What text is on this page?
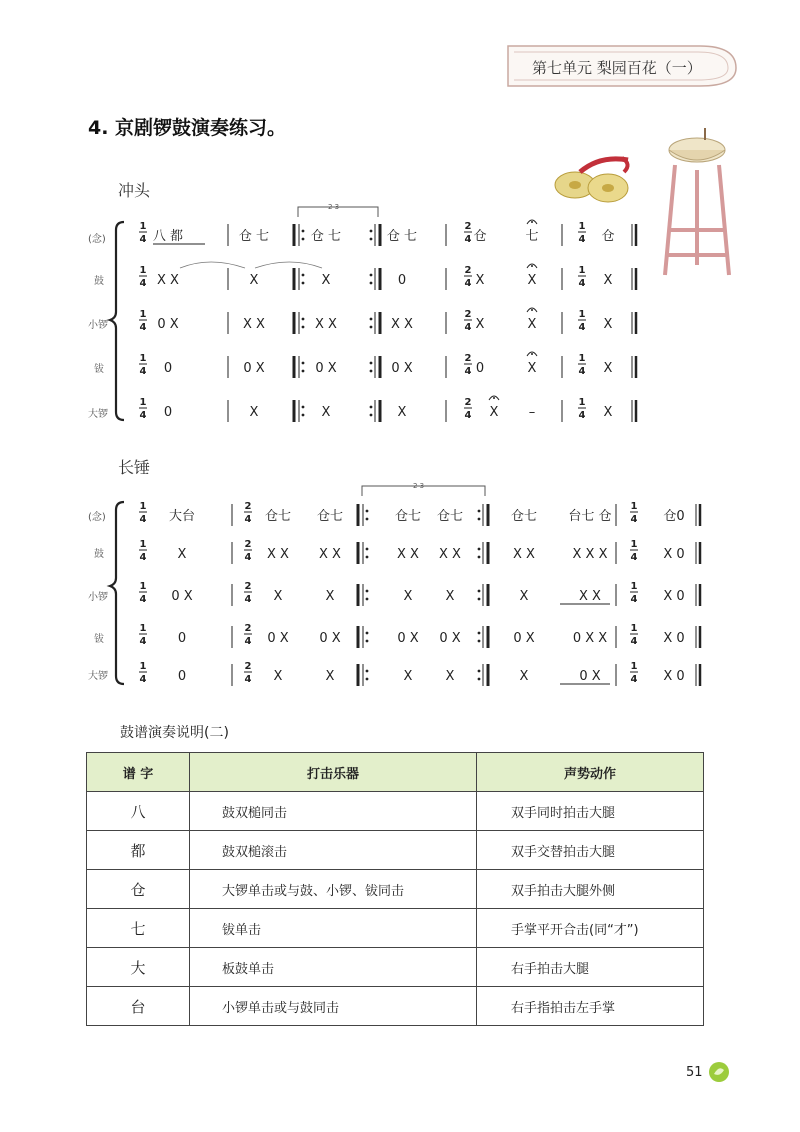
第七单元 梨园百花（一）
4. 京剧锣鼓演奏练习。
冲头
2 3
(念)
鼓
小锣
钹
大锣
1
4
2
4
1
4
八 都	仓 七	仓 七	仓 七	仓	七	仓
1
4
2
4
1
4
X X	X	X	0	X	X	X
1
4
2
4
1
4
0 X	X X	X X	X X	X	X	X
1
4
2
4
1
4
0	0 X	0 X	0 X	0	X	X
1
4
2
4
1
4
0	X	X	X	X –	X
长锤
2 3
(念)
鼓
小锣
钹
大锣
1
4
2
4
1
4
大台	仓七 仓七	仓七 仓七	仓七 台七 仓	仓0
1
4
2
4
1
4
X	X X X X	X X X X	X X	X X X	X 0
1
4
2
4
1
4
0 X	X	X	X	X	X	X X	X 0
1
4
2
4
1
4
0	0 X 0 X	0 X 0 X	0 X	0 X X	X 0
1
4
2
4
1
4
0	X	X	X	X	X	0 X	X 0
鼓谱演奏说明(二)
谱 字	打击乐器	声势动作
八	鼓双槌同击	双手同时拍击大腿
都	鼓双槌滚击	双手交替拍击大腿
仓	大锣单击或与鼓、小锣、钹同击	双手拍击大腿外侧
七	钹单击	手掌平开合击(同“才”)
大	板鼓单击	右手拍击大腿
台	小锣单击或与鼓同击	右手指拍击左手掌
51
